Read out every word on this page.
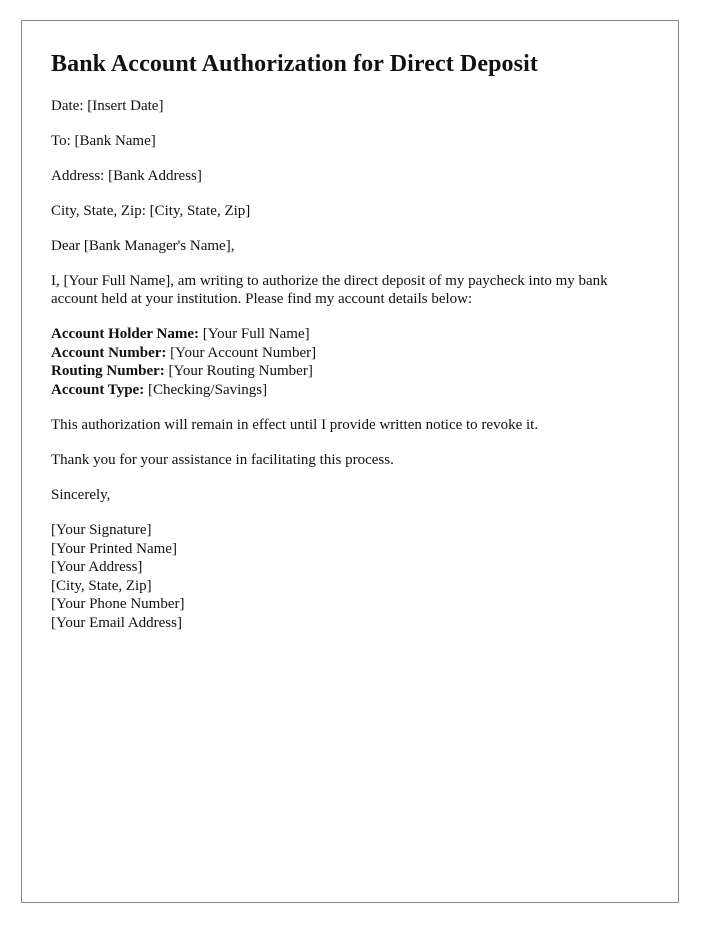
Bank Account Authorization for Direct Deposit

Date: [Insert Date]

To: [Bank Name]

Address: [Bank Address]

City, State, Zip: [City, State, Zip]

Dear [Bank Manager's Name],

I, [Your Full Name], am writing to authorize the direct deposit of my paycheck into my bank account held at your institution. Please find my account details below:

Account Holder Name: [Your Full Name]
Account Number: [Your Account Number]
Routing Number: [Your Routing Number]
Account Type: [Checking/Savings]

This authorization will remain in effect until I provide written notice to revoke it.

Thank you for your assistance in facilitating this process.

Sincerely,

[Your Signature]
[Your Printed Name]
[Your Address]
[City, State, Zip]
[Your Phone Number]
[Your Email Address]
